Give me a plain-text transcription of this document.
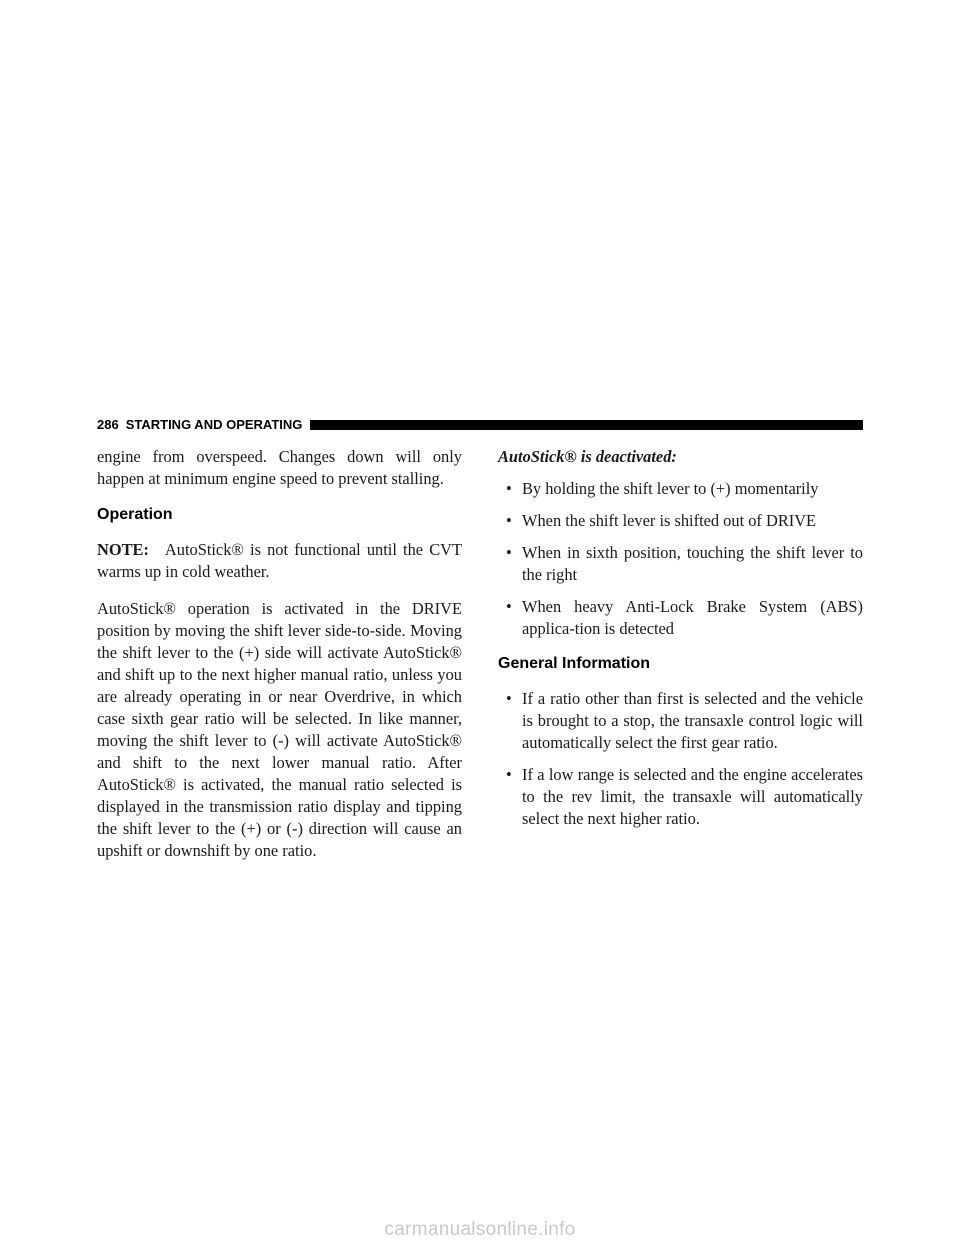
286 STARTING AND OPERATING

engine from overspeed. Changes down will only happen at minimum engine speed to prevent stalling.

Operation

NOTE: AutoStick® is not functional until the CVT warms up in cold weather.

AutoStick® operation is activated in the DRIVE position by moving the shift lever side-to-side. Moving the shift lever to the (+) side will activate AutoStick® and shift up to the next higher manual ratio, unless you are already operating in or near Overdrive, in which case sixth gear ratio will be selected. In like manner, moving the shift lever to (-) will activate AutoStick® and shift to the next lower manual ratio. After AutoStick® is activated, the manual ratio selected is displayed in the transmission ratio display and tipping the shift lever to the (+) or (-) direction will cause an upshift or downshift by one ratio.

AutoStick® is deactivated:

• By holding the shift lever to (+) momentarily
• When the shift lever is shifted out of DRIVE
• When in sixth position, touching the shift lever to the right
• When heavy Anti-Lock Brake System (ABS) applica-tion is detected
General Information
• If a ratio other than first is selected and the vehicle is brought to a stop, the transaxle control logic will automatically select the first gear ratio.
• If a low range is selected and the engine accelerates to the rev limit, the transaxle will automatically select the next higher ratio.
carmanualsonline.info
